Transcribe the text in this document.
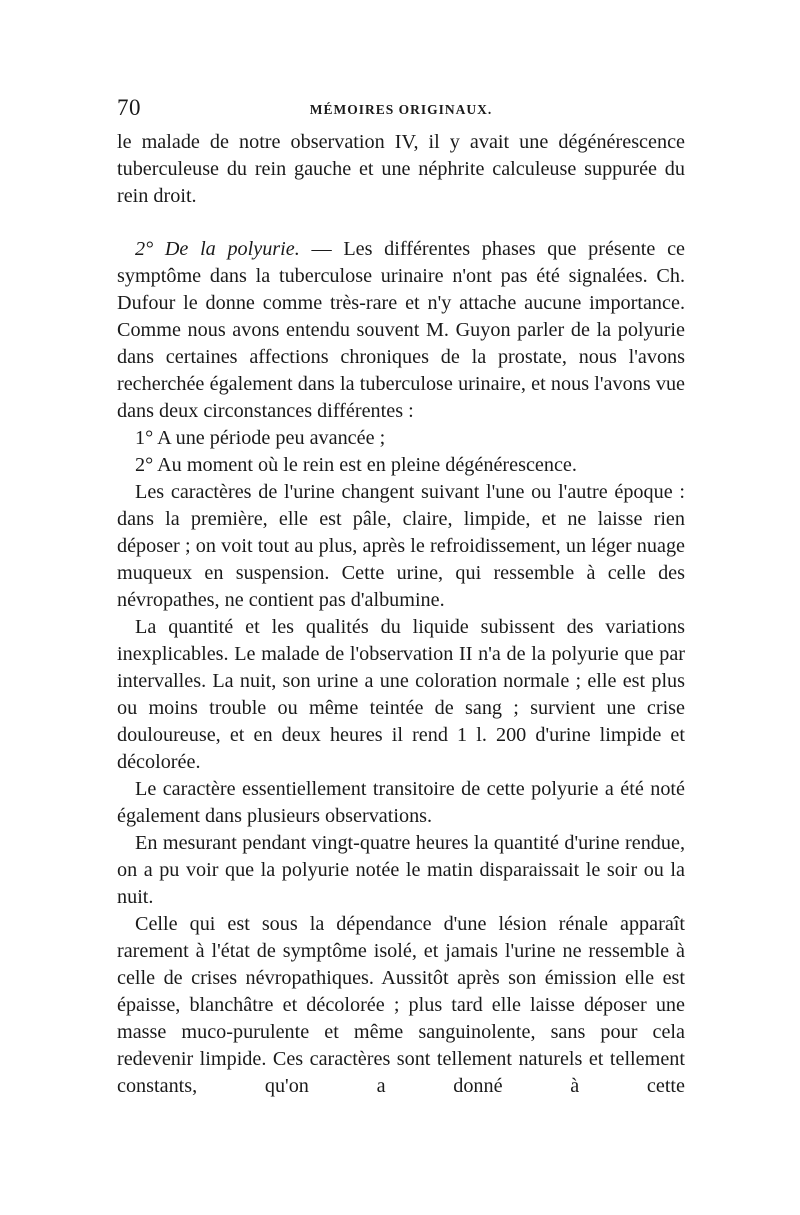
70	MÉMOIRES ORIGINAUX.

le malade de notre observation IV, il y avait une dégénérescence tuberculeuse du rein gauche et une néphrite calculeuse suppurée du rein droit.

2° De la polyurie. — Les différentes phases que présente ce symptôme dans la tuberculose urinaire n'ont pas été signalées. Ch. Dufour le donne comme très-rare et n'y attache aucune importance. Comme nous avons entendu souvent M. Guyon parler de la polyurie dans certaines affections chroniques de la prostate, nous l'avons recherchée également dans la tuberculose urinaire, et nous l'avons vue dans deux circonstances différentes :

1° A une période peu avancée ;

2° Au moment où le rein est en pleine dégénérescence.

Les caractères de l'urine changent suivant l'une ou l'autre époque : dans la première, elle est pâle, claire, limpide, et ne laisse rien déposer ; on voit tout au plus, après le refroidissement, un léger nuage muqueux en suspension. Cette urine, qui ressemble à celle des névropathes, ne contient pas d'albumine.

La quantité et les qualités du liquide subissent des variations inexplicables. Le malade de l'observation II n'a de la polyurie que par intervalles. La nuit, son urine a une coloration normale ; elle est plus ou moins trouble ou même teintée de sang ; survient une crise douloureuse, et en deux heures il rend 1 l. 200 d'urine limpide et décolorée.

Le caractère essentiellement transitoire de cette polyurie a été noté également dans plusieurs observations.

En mesurant pendant vingt-quatre heures la quantité d'urine rendue, on a pu voir que la polyurie notée le matin disparaissait le soir ou la nuit.

Celle qui est sous la dépendance d'une lésion rénale apparaît rarement à l'état de symptôme isolé, et jamais l'urine ne ressemble à celle de crises névropathiques. Aussitôt après son émission elle est épaisse, blanchâtre et décolorée ; plus tard elle laisse déposer une masse muco-purulente et même sanguinolente, sans pour cela redevenir limpide. Ces caractères sont tellement naturels et tellement constants, qu'on a donné à cette
